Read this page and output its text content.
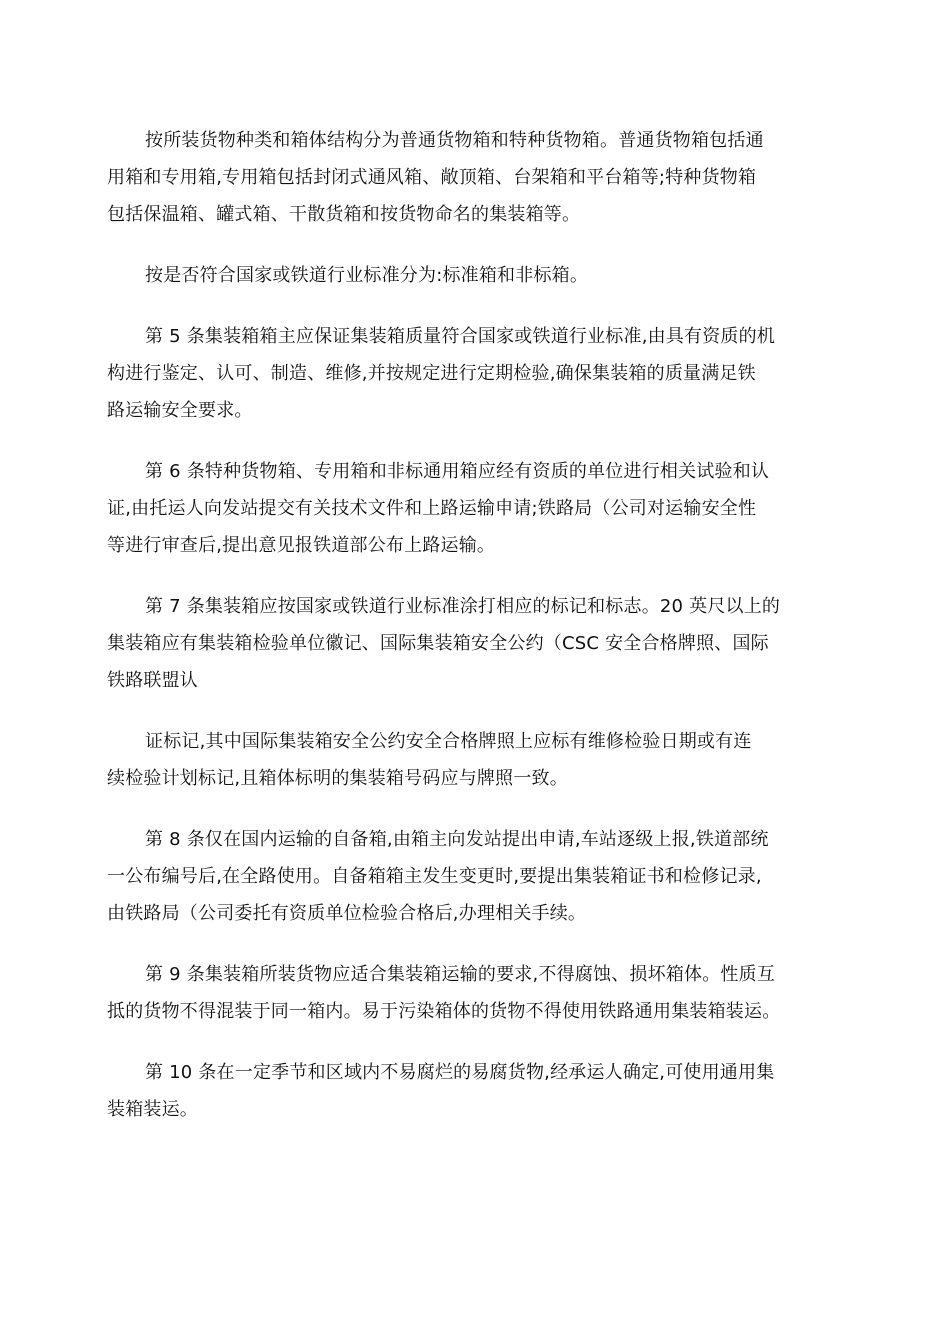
按所装货物种类和箱体结构分为普通货物箱和特种货物箱。普通货物箱包括通
用箱和专用箱,专用箱包括封闭式通风箱、敞顶箱、台架箱和平台箱等;特种货物箱
包括保温箱、罐式箱、干散货箱和按货物命名的集装箱等。

按是否符合国家或铁道行业标准分为:标准箱和非标箱。

第 5 条集装箱箱主应保证集装箱质量符合国家或铁道行业标准,由具有资质的机
构进行鉴定、认可、制造、维修,并按规定进行定期检验,确保集装箱的质量满足铁
路运输安全要求。

第 6 条特种货物箱、专用箱和非标通用箱应经有资质的单位进行相关试验和认
证,由托运人向发站提交有关技术文件和上路运输申请;铁路局（公司对运输安全性
等进行审查后,提出意见报铁道部公布上路运输。

第 7 条集装箱应按国家或铁道行业标准涂打相应的标记和标志。20 英尺以上的
集装箱应有集装箱检验单位徽记、国际集装箱安全公约（CSC 安全合格牌照、国际
铁路联盟认

证标记,其中国际集装箱安全公约安全合格牌照上应标有维修检验日期或有连
续检验计划标记,且箱体标明的集装箱号码应与牌照一致。

第 8 条仅在国内运输的自备箱,由箱主向发站提出申请,车站逐级上报,铁道部统
一公布编号后,在全路使用。自备箱箱主发生变更时,要提出集装箱证书和检修记录,
由铁路局（公司委托有资质单位检验合格后,办理相关手续。

第 9 条集装箱所装货物应适合集装箱运输的要求,不得腐蚀、损坏箱体。性质互
抵的货物不得混装于同一箱内。易于污染箱体的货物不得使用铁路通用集装箱装运。

第 10 条在一定季节和区域内不易腐烂的易腐货物,经承运人确定,可使用通用集
装箱装运。
